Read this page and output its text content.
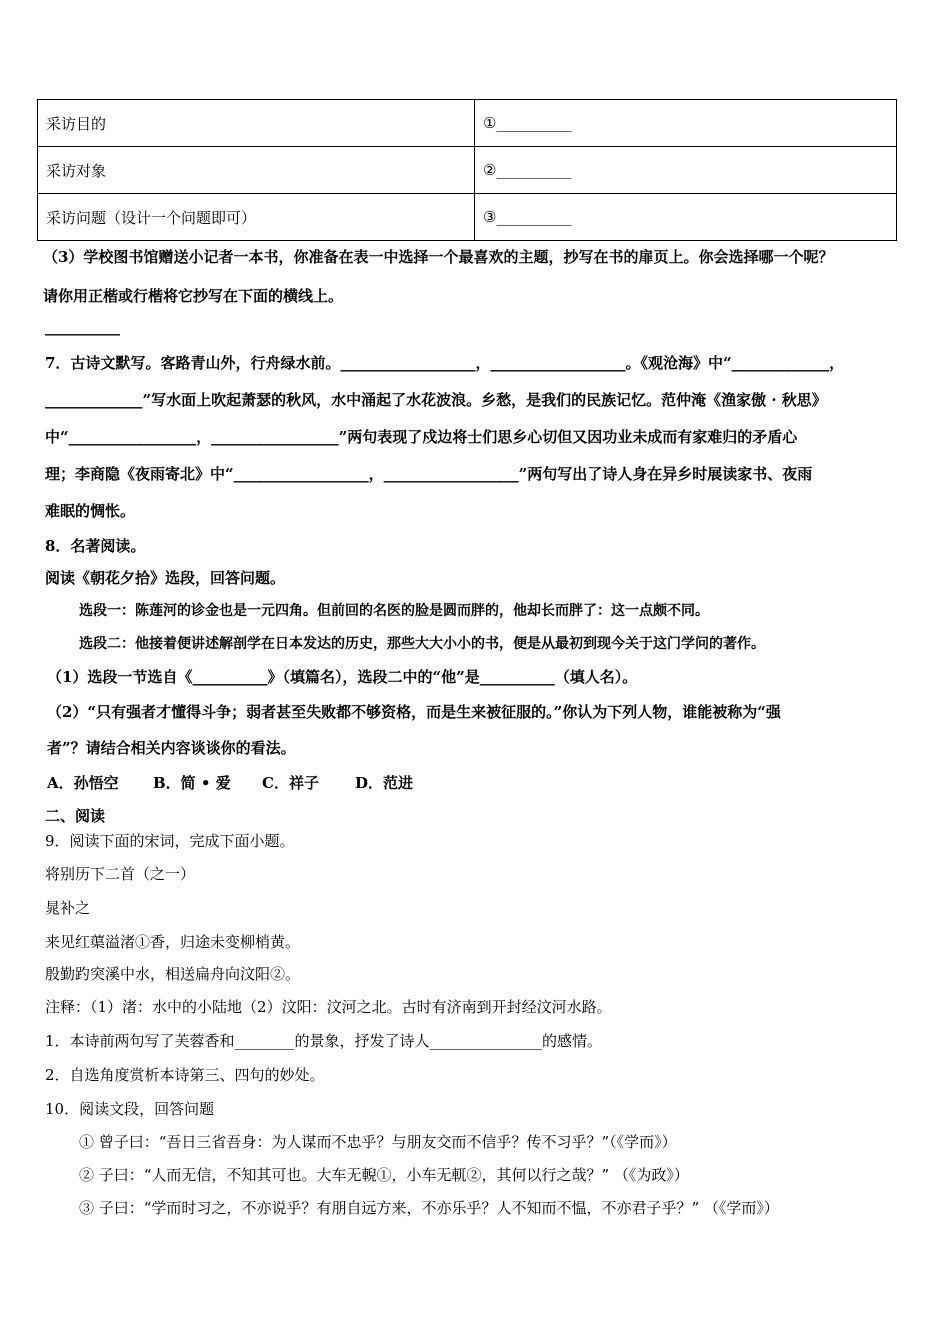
采访目的	①__________
采访对象	②__________
采访问题（设计一个问题即可）	③__________
（3）学校图书馆赠送小记者一本书，你准备在表一中选择一个最喜欢的主题，抄写在书的扉页上。你会选择哪一个呢？
请你用正楷或行楷将它抄写在下面的横线上。
__________
7．古诗文默写。客路青山外，行舟绿水前。__________________，__________________。《观沧海》中“_____________，
_____________”写水面上吹起萧瑟的秋风，水中涌起了水花波浪。乡愁，是我们的民族记忆。范仲淹《渔家傲 · 秋思》
中“_________________，_________________”两句表现了戍边将士们思乡心切但又因功业未成而有家难归的矛盾心
理；李商隐《夜雨寄北》中“__________________，__________________”两句写出了诗人身在异乡时展读家书、夜雨
难眠的惆怅。
8．名著阅读。
阅读《朝花夕拾》选段，回答问题。
选段一：陈莲河的诊金也是一元四角。但前回的名医的脸是圆而胖的，他却长而胖了：这一点颇不同。
选段二：他接着便讲述解剖学在日本发达的历史，那些大大小小的书，便是从最初到现今关于这门学问的著作。
（1）选段一节选自《__________》（填篇名），选段二中的“他”是__________（填人名）。
（2）“只有强者才懂得斗争；弱者甚至失败都不够资格，而是生来被征服的。”你认为下列人物，谁能被称为“强
者”？请结合相关内容谈谈你的看法。
A．孙悟空 B．简 • 爱 C．祥子 D．范进
二、阅读
9．阅读下面的宋词，完成下面小题。
将别历下二首（之一）
晁补之
来见红蕖溢渚①香，归途未变柳梢黄。
殷勤趵突溪中水，相送扁舟向汶阳②。
注释：（1）渚：水中的小陆地（2）汶阳：汶河之北。古时有济南到开封经汶河水路。
1．本诗前两句写了芙蓉香和________的景象，抒发了诗人_______________的感情。
2．自选角度赏析本诗第三、四句的妙处。
10．阅读文段，回答问题
① 曾子曰：“吾日三省吾身：为人谋而不忠乎？与朋友交而不信乎？传不习乎？”（《学而》）
② 子曰：“人而无信，不知其可也。大车无輗①，小车无軏②，其何以行之哉？” （《为政》）
③ 子曰：“学而时习之，不亦说乎？有朋自远方来，不亦乐乎？人不知而不愠，不亦君子乎？” （《学而》）
